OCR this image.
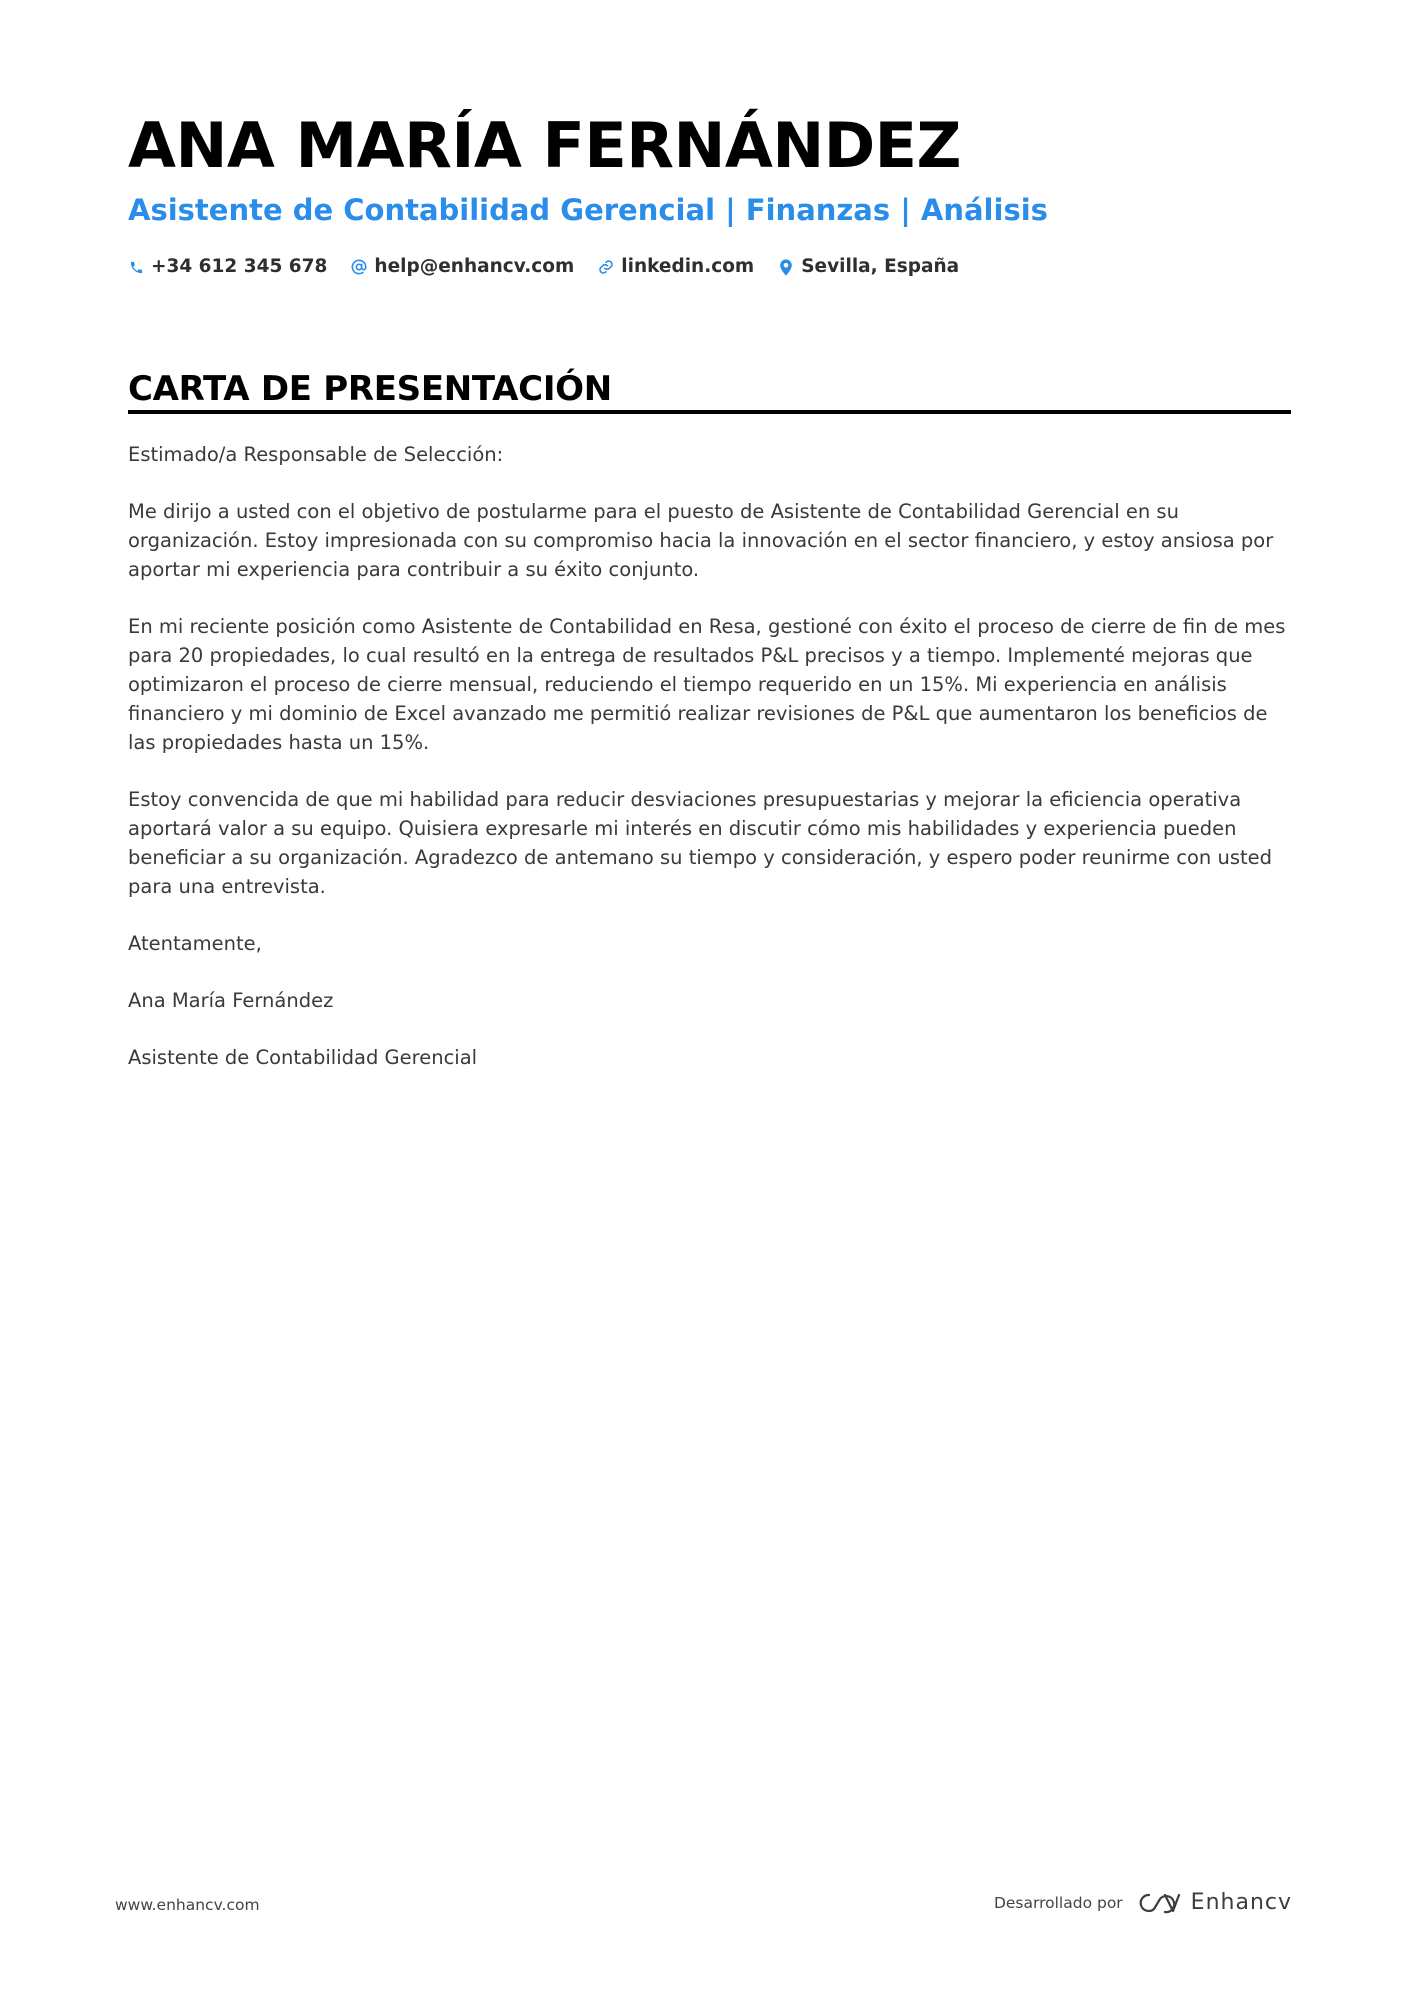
ANA MARÍA FERNÁNDEZ
Asistente de Contabilidad Gerencial | Finanzas | Análisis
+34 612 345 678	help@enhancv.com	linkedin.com	Sevilla, España
CARTA DE PRESENTACIÓN

Estimado/a Responsable de Selección:

Me dirijo a usted con el objetivo de postularme para el puesto de Asistente de Contabilidad Gerencial en su organización. Estoy impresionada con su compromiso hacia la innovación en el sector financiero, y estoy ansiosa por aportar mi experiencia para contribuir a su éxito conjunto.

En mi reciente posición como Asistente de Contabilidad en Resa, gestioné con éxito el proceso de cierre de fin de mes para 20 propiedades, lo cual resultó en la entrega de resultados P&L precisos y a tiempo. Implementé mejoras que optimizaron el proceso de cierre mensual, reduciendo el tiempo requerido en un 15%. Mi experiencia en análisis financiero y mi dominio de Excel avanzado me permitió realizar revisiones de P&L que aumentaron los beneficios de las propiedades hasta un 15%.

Estoy convencida de que mi habilidad para reducir desviaciones presupuestarias y mejorar la eficiencia operativa aportará valor a su equipo. Quisiera expresarle mi interés en discutir cómo mis habilidades y experiencia pueden beneficiar a su organización. Agradezco de antemano su tiempo y consideración, y espero poder reunirme con usted para una entrevista.

Atentamente,

Ana María Fernández

Asistente de Contabilidad Gerencial

www.enhancv.com	Desarrollado por	Enhancv
